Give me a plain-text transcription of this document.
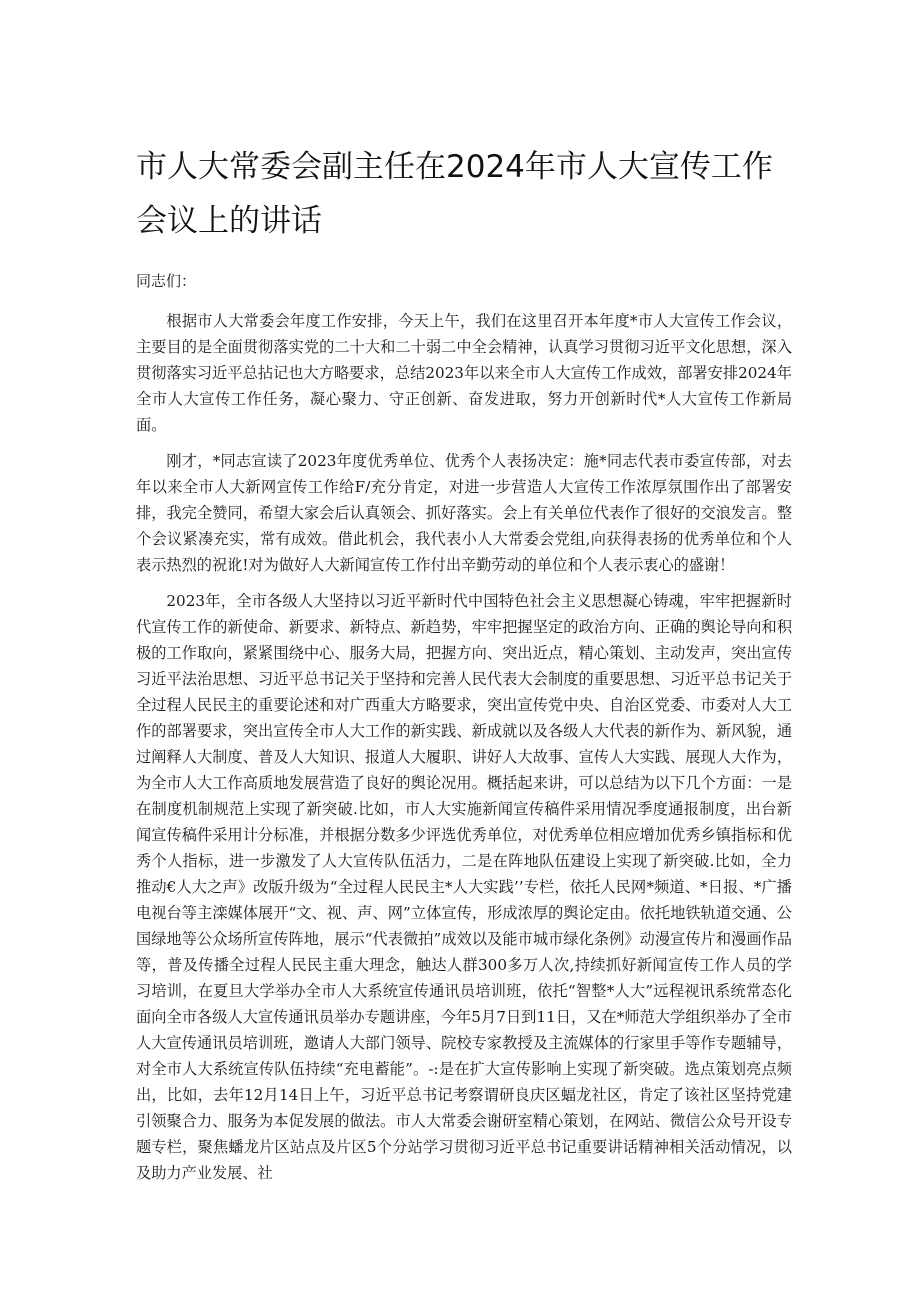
市人大常委会副主任在2024年市人大宣传工作会议上的讲话

同志们：

根据市人大常委会年度工作安排，今天上午，我们在这里召开本年度*市人大宣传工作会议，主要目的是全面贯彻落实党的二十大和二十弱二中全会精神，认真学习贯彻习近平文化思想，深入贯彻落实习近平总拈记也大方略要求，总结2023年以来全市人大宣传工作成效，部署安排2024年全市人大宣传工作任务，凝心聚力、守正创新、奋发进取，努力开创新时代*人大宣传工作新局面。

刚才，*同志宣读了2023年度优秀单位、优秀个人表扬决定：施*同志代表市委宣传部，对去年以来全市人大新网宣传工作给F/充分肯定，对进一步营造人大宣传工作浓厚氛围作出了部署安排，我完全赞同，希望大家会后认真领会、抓好落实。会上有关单位代表作了很好的交浪发言。整个会议紧凑充实，常有成效。借此机会，我代表小人大常委会党组,向获得表扬的优秀单位和个人表示热烈的祝讹!对为做好人大新闻宣传工作付出辛勤劳动的单位和个人表示衷心的盛谢！

2023年，全市各级人大坚持以习近平新时代中国特色社会主义思想凝心铸魂，牢牢把握新时代宣传工作的新使命、新要求、新特点、新趋势，牢牢把握坚定的政治方向、正确的舆论导向和积极的工作取向，紧紧围绕中心、服务大局，把握方向、突出近点，精心策划、主动发声，突出宣传习近平法治思想、习近平总书记关于坚持和完善人民代表大会制度的重要思想、习近平总书记关于全过程人民民主的重要论述和对广西重大方略要求，突出宣传党中央、自治区党委、市委对人大工作的部署要求，突出宣传全市人大工作的新实践、新成就以及各级人大代表的新作为、新风貌，通过阐释人大制度、普及人大知识、报道人大履职、讲好人大故事、宣传人大实践、展现人大作为，为全市人大工作高质地发展营造了良好的舆论况用。概括起来讲，可以总结为以下几个方面：一是在制度机制规范上实现了新突破.比如，市人大实施新闻宣传稿件采用情况季度通报制度，出台新闻宣传稿件采用计分标准，并根据分数多少评选优秀单位，对优秀单位相应增加优秀乡镇指标和优秀个人指标，进一步激发了人大宣传队伍活力，二是在阵地队伍建设上实现了新突破.比如，全力推动€人大之声》改版升级为“全过程人民民主*人大实践’’专栏，依托人民网*频道、*日报、*广播电视台等主滦媒体展开“文、视、声、网”立体宣传，形成浓厚的舆论定由。依托地铁轨道交通、公国绿地等公众场所宣传阵地，展示“代表微拍”成效以及能市城市绿化条例》动漫宣传片和漫画作品等，普及传播全过程人民民主重大理念，触达人群300多万人次,持续抓好新闻宣传工作人员的学习培训，在夏旦大学举办全市人大系统宣传通讯员培训班，依托“智整*人大”远程视讯系统常态化面向全市各级人大宣传通讯员举办专题讲座，今年5月7日到11日，又在*师范大学组织举办了全市人大宣传通讯员培训班，邀请人大部门领导、院校专家教授及主流媒体的行家里手等作专题辅导，对全市人大系统宣传队伍持续“充电蓄能”。-:是在扩大宣传影响上实现了新突破。选点策划亮点频出，比如，去年12月14日上午，习近平总书记考察谓研良庆区蝠龙社区，肯定了该社区坚持党建引领聚合力、服务为本促发展的做法。市人大常委会谢研室精心策划，在网站、微信公众号开设专题专栏，聚焦蟠龙片区站点及片区5个分站学习贯彻习近平总书记重要讲话精神相关活动情况，以及助力产业发展、社
